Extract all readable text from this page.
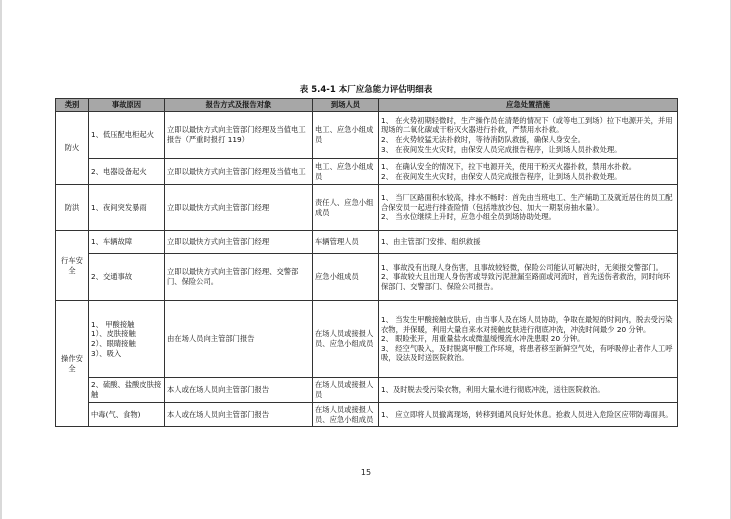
表 5.4-1 本厂应急能力评估明细表
类别	事故原因	报告方式及报告对象	到场人员	应急处置措施
防火	1、低压配电柜起火	立即以最快方式向主管部门经理及当值电工报告（严重时报打 119）	电工、应急小组成员	1、 在火势初期轻微时，生产操作员在清楚的情况下（或等电工到场）拉下电源开关，并用现场的二氧化碳或干粉灭火器进行扑救，严禁用水扑救。
2、 在火势较猛无法扑救时，等待消防队救援，确保人身安全。
3、 在夜间发生火灾时，由保安人员完成报告程序，让到场人员扑救处理。
	2、电器设备起火	立即以最快方式向主管部门经理及当值电工	电工、应急小组成员	1、 在确认安全的情况下，拉下电源开关，使用干粉灭火器扑救，禁用水扑救。
2、 在夜间发生火灾时，由保安人员完成报告程序，让到场人员扑救处理。
防洪	1、夜间突发暴雨	立即以最快方式向主管部门经理	责任人、应急小组成员	1、 当厂区路面积水较高，排水不畅时：首先由当班电工、生产辅助工及就近居住的员工配合保安员一起进行排查险情（包括堆放沙包、加大一期泵房抽水量）。
2、 当水位继续上升时，应急小组全员到场协助处理。
行车安全	1、车辆故障	立即以最快方式向主管部门经理	车辆管理人员	1、由主管部门安排、组织救援
	2、交通事故	立即以最快方式向主管部门经理、交警部门、保险公司。	应急小组成员	1、事故没有出现人身伤害，且事故较轻微，保险公司能认可解决时，无须报交警部门。
2、事故较大且出现人身伤害或导致污泥泄漏至路面或河流时，首先送伤者救治，同时向环保部门、交警部门、保险公司报告。
操作安全	1、 甲酸接触
1）、皮肤接触
2）、眼睛接触
3）、吸入	由在场人员向主管部门报告	在场人员或接报人员、应急小组成员	1、 当发生甲酸接触皮肤后，由当事人及在场人员协助，争取在最短的时间内，脱去受污染衣物，并保暖，利用大量自来水对接触皮肤进行彻底冲洗，冲洗时间最少 20 分钟。
2、 眼睑张开，用重量盐水或微温缓慢流水冲洗患眼 20 分钟。
3、 经空气吸入，及时脱离甲酸工作环境，将患者移至新鲜空气处，有呼吸停止者作人工呼吸，设法及时送医院救治。
	2、硫酸、盐酸皮肤接触	本人或在场人员向主管部门报告	在场人员或接报人员	1、及时脱去受污染衣物，利用大量水进行彻底冲洗，送往医院救治。
	中毒(气、食物)	本人或在场人员向主管部门报告	在场人员或接报人员、应急小组成员	1、 应立即将人员撤离现场，转移到通风良好处休息。抢救人员进入危险区应带防毒面具。
15
